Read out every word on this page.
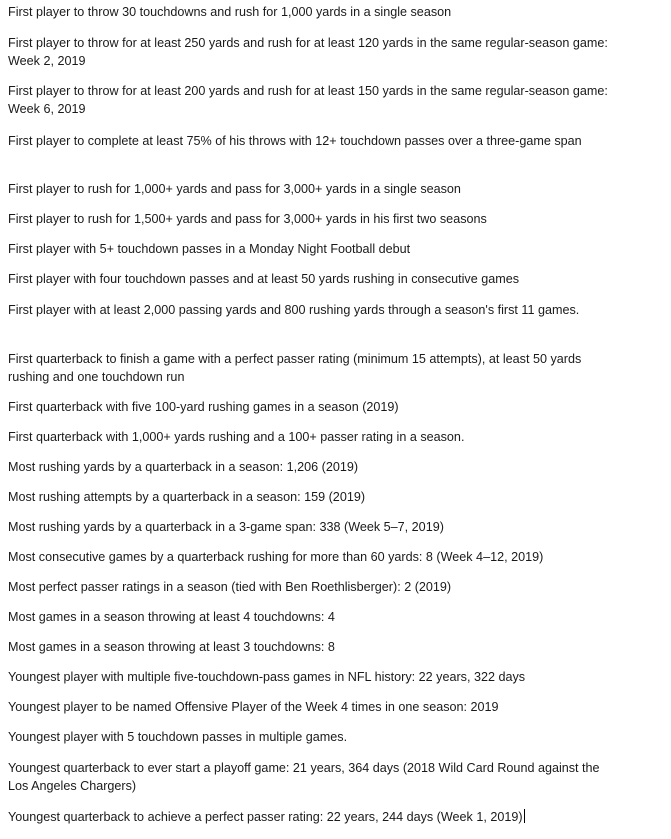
First player to throw 30 touchdowns and rush for 1,000 yards in a single season

First player to throw for at least 250 yards and rush for at least 120 yards in the same regular-season game: Week 2, 2019

First player to throw for at least 200 yards and rush for at least 150 yards in the same regular-season game: Week 6, 2019

First player to complete at least 75% of his throws with 12+ touchdown passes over a three-game span

First player to rush for 1,000+ yards and pass for 3,000+ yards in a single season

First player to rush for 1,500+ yards and pass for 3,000+ yards in his first two seasons

First player with 5+ touchdown passes in a Monday Night Football debut

First player with four touchdown passes and at least 50 yards rushing in consecutive games

First player with at least 2,000 passing yards and 800 rushing yards through a season's first 11 games.

First quarterback to finish a game with a perfect passer rating (minimum 15 attempts), at least 50 yards rushing and one touchdown run

First quarterback with five 100-yard rushing games in a season (2019)

First quarterback with 1,000+ yards rushing and a 100+ passer rating in a season.

Most rushing yards by a quarterback in a season: 1,206 (2019)

Most rushing attempts by a quarterback in a season: 159 (2019)

Most rushing yards by a quarterback in a 3-game span: 338 (Week 5–7, 2019)

Most consecutive games by a quarterback rushing for more than 60 yards: 8 (Week 4–12, 2019)

Most perfect passer ratings in a season (tied with Ben Roethlisberger): 2 (2019)

Most games in a season throwing at least 4 touchdowns: 4

Most games in a season throwing at least 3 touchdowns: 8

Youngest player with multiple five-touchdown-pass games in NFL history: 22 years, 322 days

Youngest player to be named Offensive Player of the Week 4 times in one season: 2019

Youngest player with 5 touchdown passes in multiple games.

Youngest quarterback to ever start a playoff game: 21 years, 364 days (2018 Wild Card Round against the Los Angeles Chargers)

Youngest quarterback to achieve a perfect passer rating: 22 years, 244 days (Week 1, 2019)
